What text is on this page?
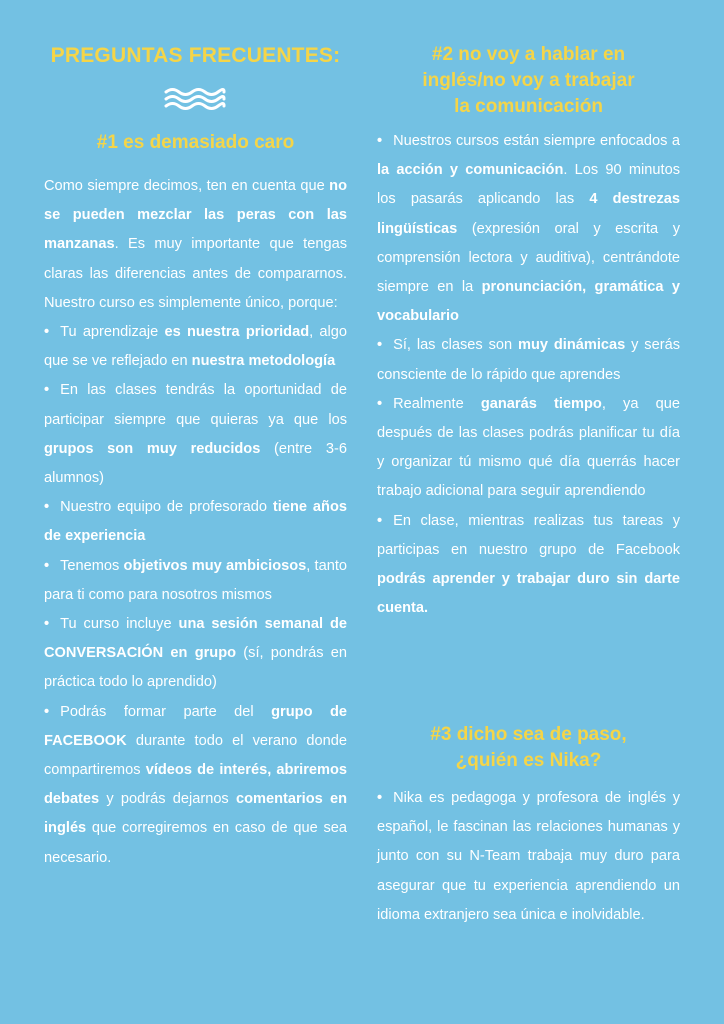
PREGUNTAS FRECUENTES:
#1 es demasiado caro
Como siempre decimos, ten en cuenta que no se pueden mezclar las peras con las manzanas. Es muy importante que tengas claras las diferencias antes de compararnos. Nuestro curso es simplemente único, porque:
• Tu aprendizaje es nuestra prioridad, algo que se ve reflejado en nuestra metodología
• En las clases tendrás la oportunidad de participar siempre que quieras ya que los grupos son muy reducidos (entre 3-6 alumnos)
• Nuestro equipo de profesorado tiene años de experiencia
• Tenemos objetivos muy ambiciosos, tanto para ti como para nosotros mismos
• Tu curso incluye una sesión semanal de CONVERSACIÓN en grupo (sí, pondrás en práctica todo lo aprendido)
• Podrás formar parte del grupo de FACEBOOK durante todo el verano donde compartiremos vídeos de interés, abriremos debates y podrás dejarnos comentarios en inglés que corregiremos en caso de que sea necesario.
#2 no voy a hablar en
inglés/no voy a trabajar
la comunicación
• Nuestros cursos están siempre enfocados a la acción y comunicación. Los 90 minutos los pasarás aplicando las 4 destrezas lingüísticas (expresión oral y escrita y comprensión lectora y auditiva), centrándote siempre en la pronunciación, gramática y vocabulario
• Sí, las clases son muy dinámicas y serás consciente de lo rápido que aprendes
• Realmente ganarás tiempo, ya que después de las clases podrás planificar tu día y organizar tú mismo qué día querrás hacer trabajo adicional para seguir aprendiendo
• En clase, mientras realizas tus tareas y participas en nuestro grupo de Facebook podrás aprender y trabajar duro sin darte cuenta.
#3 dicho sea de paso,
¿quién es Nika?
• Nika es pedagoga y profesora de inglés y español, le fascinan las relaciones humanas y junto con su N-Team trabaja muy duro para asegurar que tu experiencia aprendiendo un idioma extranjero sea única e inolvidable.
